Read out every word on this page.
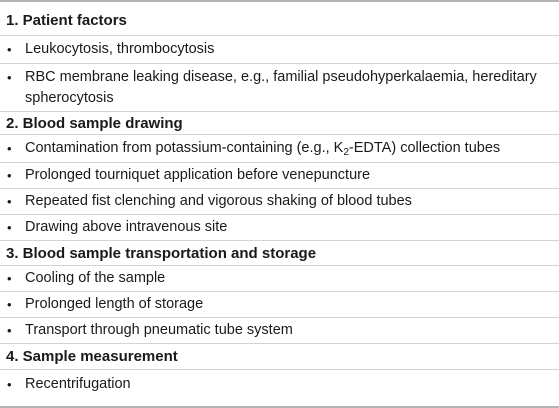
1. Patient factors
• Leukocytosis, thrombocytosis
• RBC membrane leaking disease, e.g., familial pseudohyperkalaemia, hereditary spherocytosis
2. Blood sample drawing
• Contamination from potassium-containing (e.g., $K_2-EDTA$) collection tubes
• Prolonged tourniquet application before venepuncture
• Repeated fist clenching and vigorous shaking of blood tubes
• Drawing above intravenous site
3. Blood sample transportation and storage
• Cooling of the sample
• Prolonged length of storage
• Transport through pneumatic tube system
4. Sample measurement
• Recentrifugation
